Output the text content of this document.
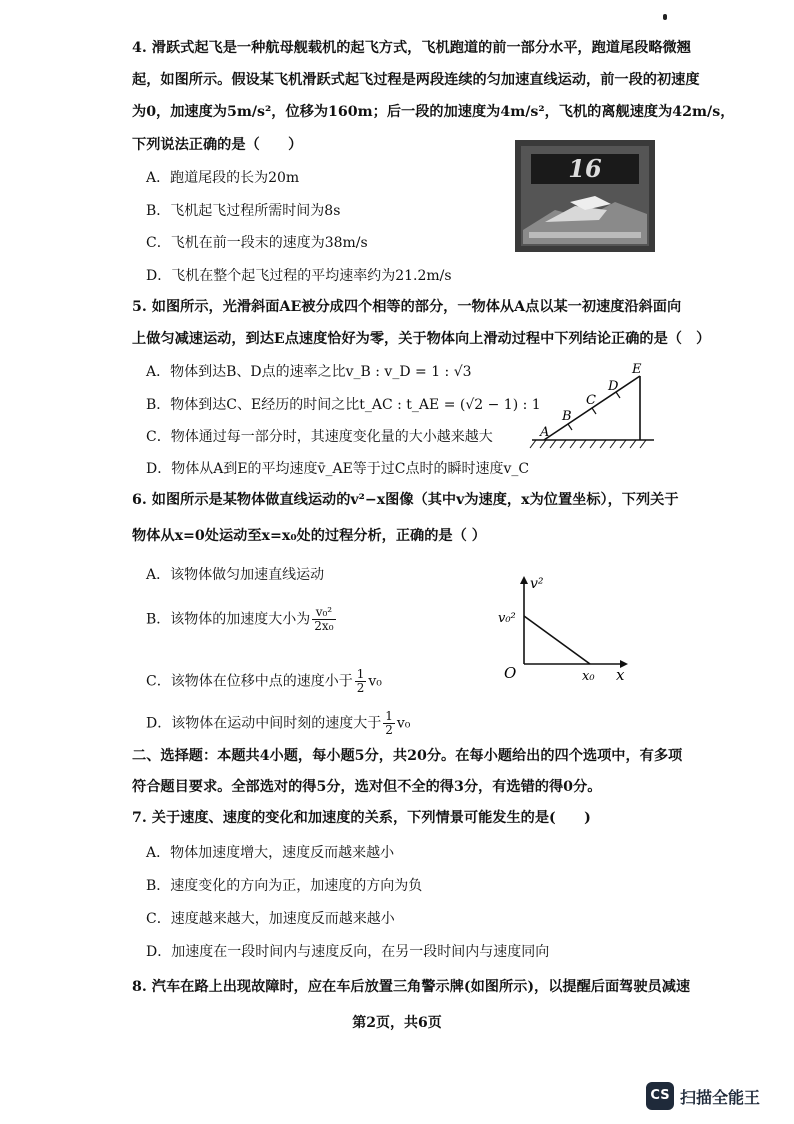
4. 滑跃式起飞是一种航母舰载机的起飞方式，飞机跑道的前一部分水平，跑道尾段略微翘
起，如图所示。假设某飞机滑跃式起飞过程是两段连续的匀加速直线运动，前一段的初速度
为0，加速度为5m/s²，位移为160m；后一段的加速度为4m/s²，飞机的离舰速度为42m/s，
下列说法正确的是（　　）
A．跑道尾段的长为20m
B．飞机起飞过程所需时间为8s
C．飞机在前一段末的速度为38m/s
D．飞机在整个起飞过程的平均速率约为21.2m/s
16
5. 如图所示，光滑斜面AE被分成四个相等的部分，一物体从A点以某一初速度沿斜面向
上做匀减速运动，到达E点速度恰好为零，关于物体向上滑动过程中下列结论正确的是（　）
A．物体到达B、D点的速率之比v_B : v_D = 1 : √3
B．物体到达C、E经历的时间之比t_AC : t_AE = (√2 − 1) : 1
C．物体通过每一部分时，其速度变化量的大小越来越大
D．物体从A到E的平均速度v̄_AE等于过C点时的瞬时速度v_C
A
B
C
D
E
6. 如图所示是某物体做直线运动的v²−x图像（其中v为速度，x为位置坐标），下列关于
物体从x=0处运动至x=x₀处的过程分析，正确的是（ ）
A．该物体做匀加速直线运动
B．该物体的加速度大小为 $\frac{\text{v₀²}}{\text{2x₀}}$
C．该物体在位移中点的速度小于 $\frac{1}{2} v_0$
D．该物体在运动中间时刻的速度大于 $\frac{1}{2} v_0$
v²
x
O
v₀²
x₀
二、选择题：本题共4小题，每小题5分，共20分。在每小题给出的四个选项中，有多项
符合题目要求。全部选对的得5分，选对但不全的得3分，有选错的得0分。
7. 关于速度、速度的变化和加速度的关系，下列情景可能发生的是(　　)
A．物体加速度增大，速度反而越来越小
B．速度变化的方向为正，加速度的方向为负
C．速度越来越大，加速度反而越来越小
D．加速度在一段时间内与速度反向，在另一段时间内与速度同向
8. 汽车在路上出现故障时，应在车后放置三角警示牌(如图所示)，以提醒后面驾驶员减速
第2页，共6页
CS 扫描全能王
